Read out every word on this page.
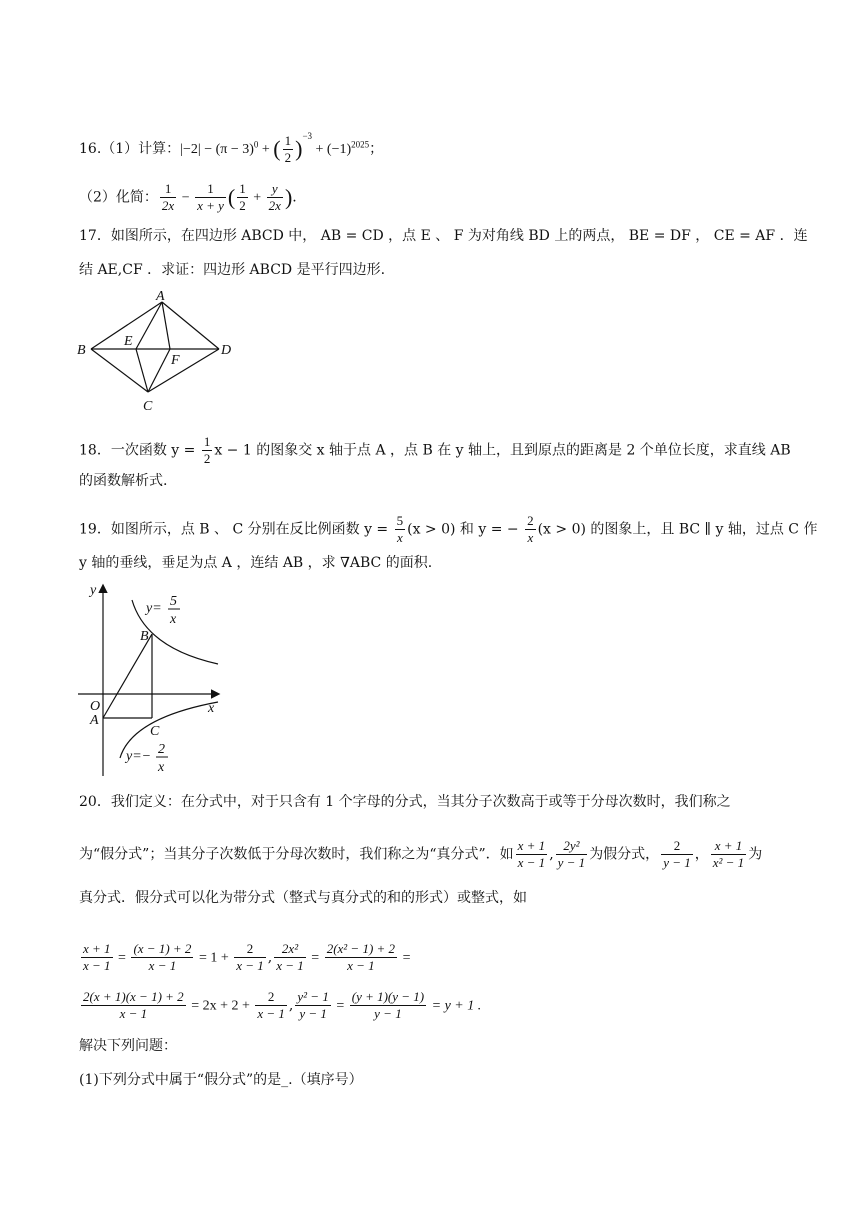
16.（1）计算：$|-2| - (\pi - 3)^0$ + ( $\frac{1}{2} )^{-3} + (-1)^{2025}$；
（2）化简： $\frac{1}{2x} - \frac{1}{x + y}$ ( $\frac{1}{2} + \frac{y}{2x}$ ).
17．如图所示，在四边形 ABCD 中， AB = CD ，点 E 、 F 为对角线 BD 上的两点， BE = DF ， CE = AF ．连
结 AE,CF ．求证：四边形 ABCD 是平行四边形.
A
B
E
F
D
C
18．一次函数 $y = \frac{1}{2}$ x − 1 的图象交 x 轴于点 A ，点 B 在 y 轴上，且到原点的距离是 2 个单位长度，求直线 AB
的函数解析式.
19．如图所示，点 B 、 C 分别在反比例函数 $y = \frac{5}{x} (x > 0)$ 和 y = − $\frac{2}{x} (x > 0)$ 的图象上，且 BC ∥ y 轴，过点 C 作
y 轴的垂线，垂足为点 A ，连结 AB ，求 ∇ABC 的面积.
y
x
O
A
B
C
y= 5
x
y=− 2
x
20．我们定义：在分式中，对于只含有 1 个字母的分式，当其分子次数高于或等于分母次数时，我们称之
为“假分式”；当其分子次数低于分母次数时，我们称之为“真分式”．如 $\frac{x + 1}{x - 1}$ , $\frac{\text{2y²}}{y - 1}$ 为假分式， $\frac{2}{y - 1}$ ， $\frac{x + 1}{\text{x² − 1}}$ 为
真分式．假分式可以化为带分式（整式与真分式的和的形式）或整式，如
$\frac{x + 1}{x - 1} = \frac{(x - 1) + 2}{x - 1} = 1 + \frac{2}{x - 1}$ , $\frac{\text{2x²}}{x - 1} = \frac{\text{2(x² − 1) + 2}}{x - 1}$ =
$\frac{2(x + 1)(x - 1) + 2}{x - 1} = 2x + 2 + \frac{2}{x - 1}$ , $\frac{\text{y² − 1}}{y - 1} = \frac{(y + 1)(y - 1)}{y - 1} = y + 1$ .
解决下列问题：
(1)下列分式中属于“假分式”的是_.（填序号）
